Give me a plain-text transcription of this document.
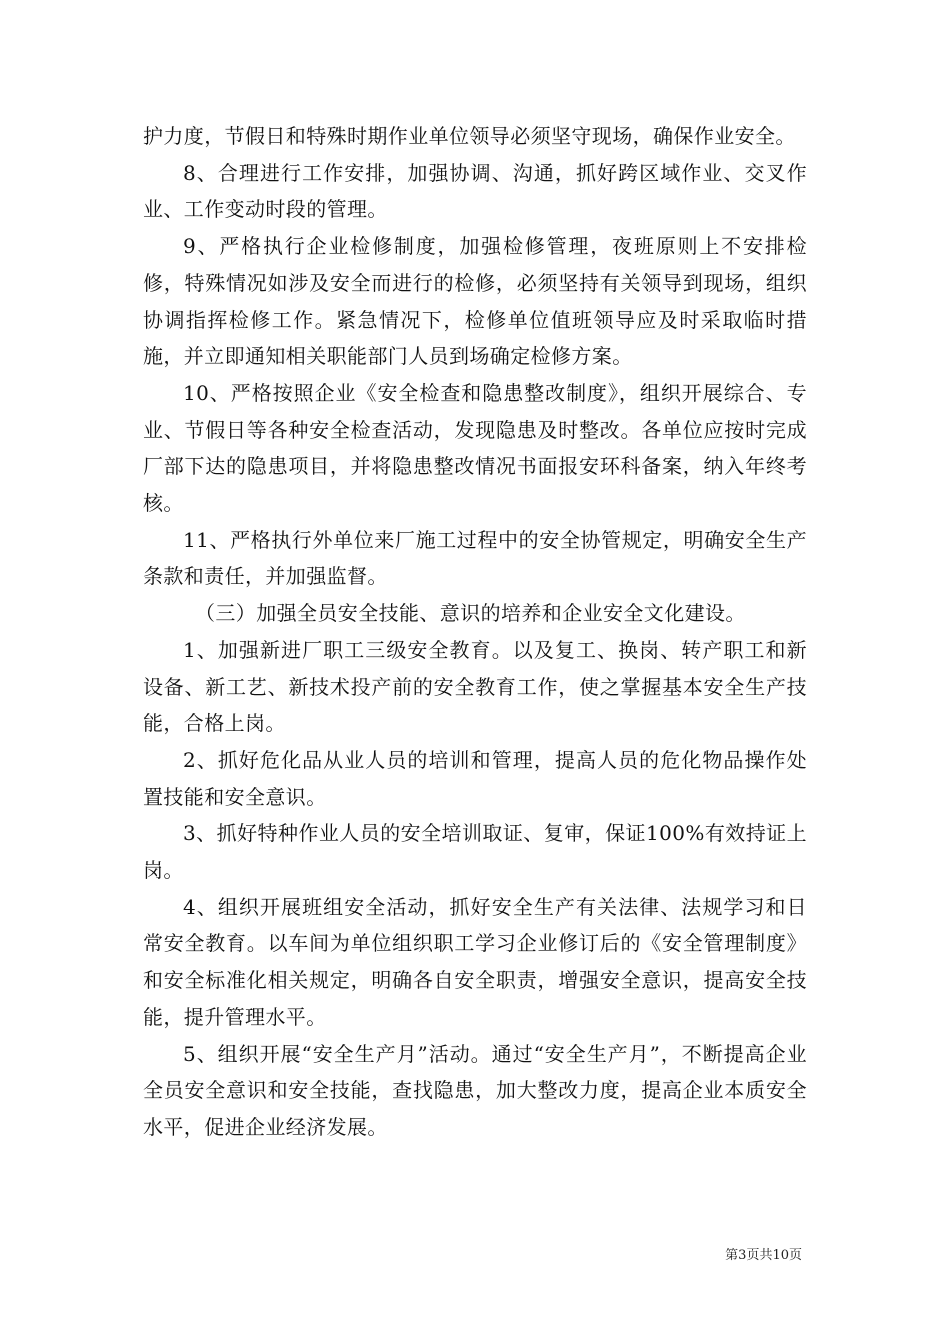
护力度，节假日和特殊时期作业单位领导必须坚守现场，确保作业安全。

8、合理进行工作安排，加强协调、沟通，抓好跨区域作业、交叉作业、工作变动时段的管理。

9、严格执行企业检修制度，加强检修管理，夜班原则上不安排检修，特殊情况如涉及安全而进行的检修，必须坚持有关领导到现场，组织协调指挥检修工作。紧急情况下，检修单位值班领导应及时采取临时措施，并立即通知相关职能部门人员到场确定检修方案。

10、严格按照企业《安全检查和隐患整改制度》，组织开展综合、专业、节假日等各种安全检查活动，发现隐患及时整改。各单位应按时完成厂部下达的隐患项目，并将隐患整改情况书面报安环科备案，纳入年终考核。

11、严格执行外单位来厂施工过程中的安全协管规定，明确安全生产条款和责任，并加强监督。

（三）加强全员安全技能、意识的培养和企业安全文化建设。

1、加强新进厂职工三级安全教育。以及复工、换岗、转产职工和新设备、新工艺、新技术投产前的安全教育工作，使之掌握基本安全生产技能，合格上岗。

2、抓好危化品从业人员的培训和管理，提高人员的危化物品操作处置技能和安全意识。

3、抓好特种作业人员的安全培训取证、复审，保证100%有效持证上岗。

4、组织开展班组安全活动，抓好安全生产有关法律、法规学习和日常安全教育。以车间为单位组织职工学习企业修订后的《安全管理制度》和安全标准化相关规定，明确各自安全职责，增强安全意识，提高安全技能，提升管理水平。

5、组织开展“安全生产月”活动。通过“安全生产月”，不断提高企业全员安全意识和安全技能，查找隐患，加大整改力度，提高企业本质安全水平，促进企业经济发展。

第3页共10页
